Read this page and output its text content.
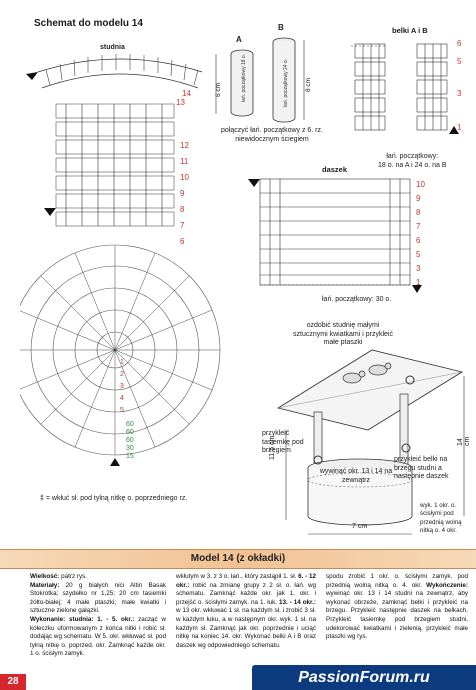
Schemat do modelu 14
studnia
14
13
12
11
10
9
8
7
6
5
4
3
2
1
60
60
60
30
15
‡ = wkłuć sł. pod tylną nitkę o. poprzedniego rz.
A
B
6 cm	łań. początkowy 18 o.	8 cm
łań. początkowy 24 o.
połączyć łań. początkowy z 6. rz. niewidocznym ściegiem
belki A i B
6
5
3
1
łań. początkowy:
18 o. na A i 24 o. na B
daszek
10
9
8
7
6
5
3
1
łań. początkowy: 30 o.
ozdobić studnię małymi sztucznymi kwiatkami i przykleić małe ptaszki
przykleić tasiemkę pod brzegiem
wywinąć okr. 13 i 14 na zewnątrz
przykleić belki na brzegu studni a następnie daszek
wyk. 1 okr. o. ścisłymi pod przednią wolną nitką o. 4 okr.
11,5 cm
7 cm
14 cm
Model 14 (z okładki)
Wielkość: patrz rys.
Materiały: 20 g białych nici Altin Basak Stokrotka; szydełko nr 1,25; 20 cm tasiemki żółto-białej; 4 małe ptaszki; małe kwiatki i sztuczne zielone gałązki.
Wykonanie: studnia: 1. - 5. okr.: zacząć w kółeczku uformowanym z końca nitki i robić sł. dodając wg schematu. W 5. okr. wkłuwać sł. pod tylną nitkę o. poprzed. okr. Zamknąć każde okr. 1 o. ścisłym zamyk.

wkłutym w 3. z 3 o. łań., który zastąpił 1. sł. 6. - 12 okr.: robić na zmianę grupy z 2 sł. o. łań. wg schematu. Zamknąć każde okr. jak 1. okr. i przejść o. ścisłymi zamyk. na 1. łuk. 13. - 14 okr.: w 13 okr. wkłuwać 1 sł. na każdym sł. i zrobić 3 sł. w każdym łuku, a w następnym okr. wyk. 1 sł. na każdym sł. Zamknąć jak okr. poprzednie i uciąć nitkę na koniec 14. okr. Wykonać belki A i B oraz daszek wg odpowiedniego schematu.
spodu zrobić 1 okr. o. ścisłymi zamyk. pod przednią wolną nitką o. 4. okr. Wykończenie: wywinąć okr. 13 i 14 studni na zewnątrz, aby wykonać obrzeże, zamknąć belki i przykleić na brzegu. Przykleić następnie daszek na belkach. Przykleić tasiemkę pod brzegiem studni, udekorować kwiatkami i zielenią, przykleić małe ptaszki wg rys.
28	PassionForum.ru
